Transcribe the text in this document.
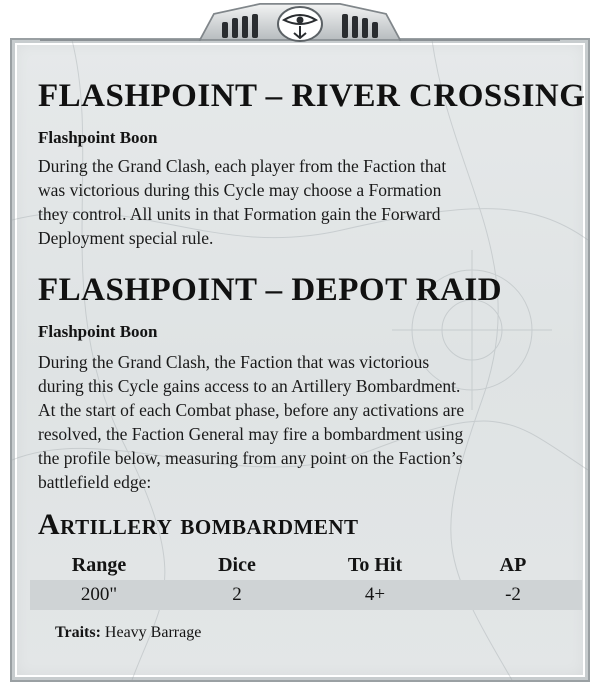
FLASHPOINT – RIVER CROSSING
Flashpoint Boon
During the Grand Clash, each player from the Faction that
was victorious during this Cycle may choose a Formation
they control. All units in that Formation gain the Forward
Deployment special rule.
FLASHPOINT – DEPOT RAID
Flashpoint Boon
During the Grand Clash, the Faction that was victorious
during this Cycle gains access to an Artillery Bombardment.
At the start of each Combat phase, before any activations are
resolved, the Faction General may fire a bombardment using
the profile below, measuring from any point on the Faction’s
battlefield edge:
Artillery bombardment
Range	Dice	To Hit	AP
200"	2	4+	-2
Traits: Heavy Barrage
